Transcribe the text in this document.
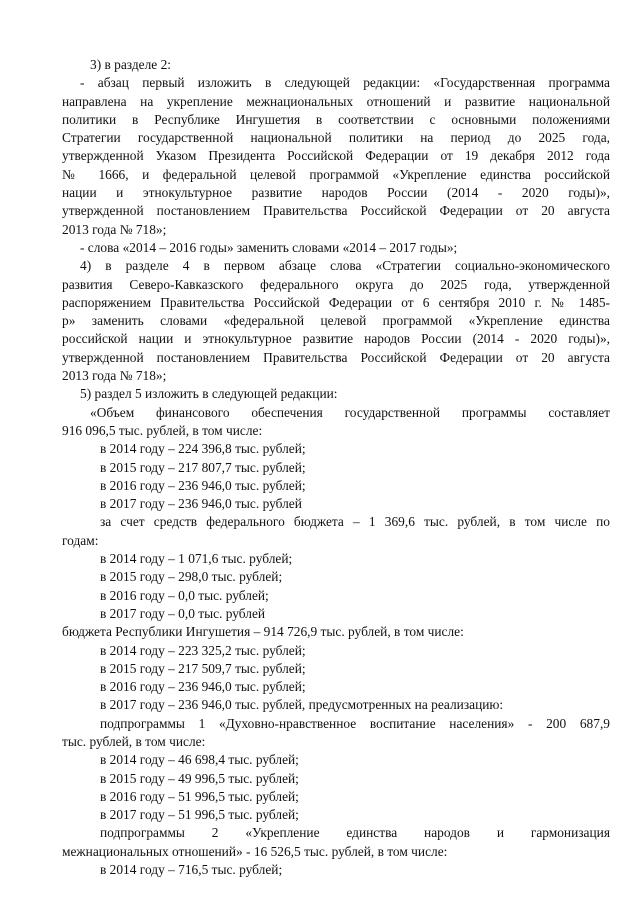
3) в разделе 2:

- абзац первый изложить в следующей редакции: «Государственная программа

направлена на укрепление межнациональных отношений и развитие национальной

политики в Республике Ингушетия в соответствии с основными положениями

Стратегии государственной национальной политики на период до 2025 года,

утвержденной Указом Президента Российской Федерации от 19 декабря 2012 года

№ 1666, и федеральной целевой программой «Укрепление единства российской

нации и этнокультурное развитие народов России (2014 - 2020 годы)»,

утвержденной постановлением Правительства Российской Федерации от 20 августа

2013 года № 718»;

- слова «2014 – 2016 годы» заменить словами «2014 – 2017 годы»;

4) в разделе 4 в первом абзаце слова «Стратегии социально-экономического

развития Северо-Кавказского федерального округа до 2025 года, утвержденной

распоряжением Правительства Российской Федерации от 6 сентября 2010 г. № 1485-

р» заменить словами «федеральной целевой программой «Укрепление единства

российской нации и этнокультурное развитие народов России (2014 - 2020 годы)»,

утвержденной постановлением Правительства Российской Федерации от 20 августа

2013 года № 718»;

5) раздел 5 изложить в следующей редакции:

«Объем финансового обеспечения государственной программы составляет

916 096,5 тыс. рублей, в том числе:

в 2014 году – 224 396,8 тыс. рублей;

в 2015 году – 217 807,7 тыс. рублей;

в 2016 году – 236 946,0 тыс. рублей;

в 2017 году – 236 946,0 тыс. рублей

за счет средств федерального бюджета – 1 369,6 тыс. рублей, в том числе по

годам:

в 2014 году – 1 071,6 тыс. рублей;

в 2015 году – 298,0 тыс. рублей;

в 2016 году – 0,0 тыс. рублей;

в 2017 году – 0,0 тыс. рублей

бюджета Республики Ингушетия – 914 726,9 тыс. рублей, в том числе:

в 2014 году – 223 325,2 тыс. рублей;

в 2015 году – 217 509,7 тыс. рублей;

в 2016 году – 236 946,0 тыс. рублей;

в 2017 году – 236 946,0 тыс. рублей, предусмотренных на реализацию:

подпрограммы 1 «Духовно-нравственное воспитание населения» - 200 687,9

тыс. рублей, в том числе:

в 2014 году – 46 698,4 тыс. рублей;

в 2015 году – 49 996,5 тыс. рублей;

в 2016 году – 51 996,5 тыс. рублей;

в 2017 году – 51 996,5 тыс. рублей;

подпрограммы 2 «Укрепление единства народов и гармонизация

межнациональных отношений» - 16 526,5 тыс. рублей, в том числе:

в 2014 году – 716,5 тыс. рублей;
